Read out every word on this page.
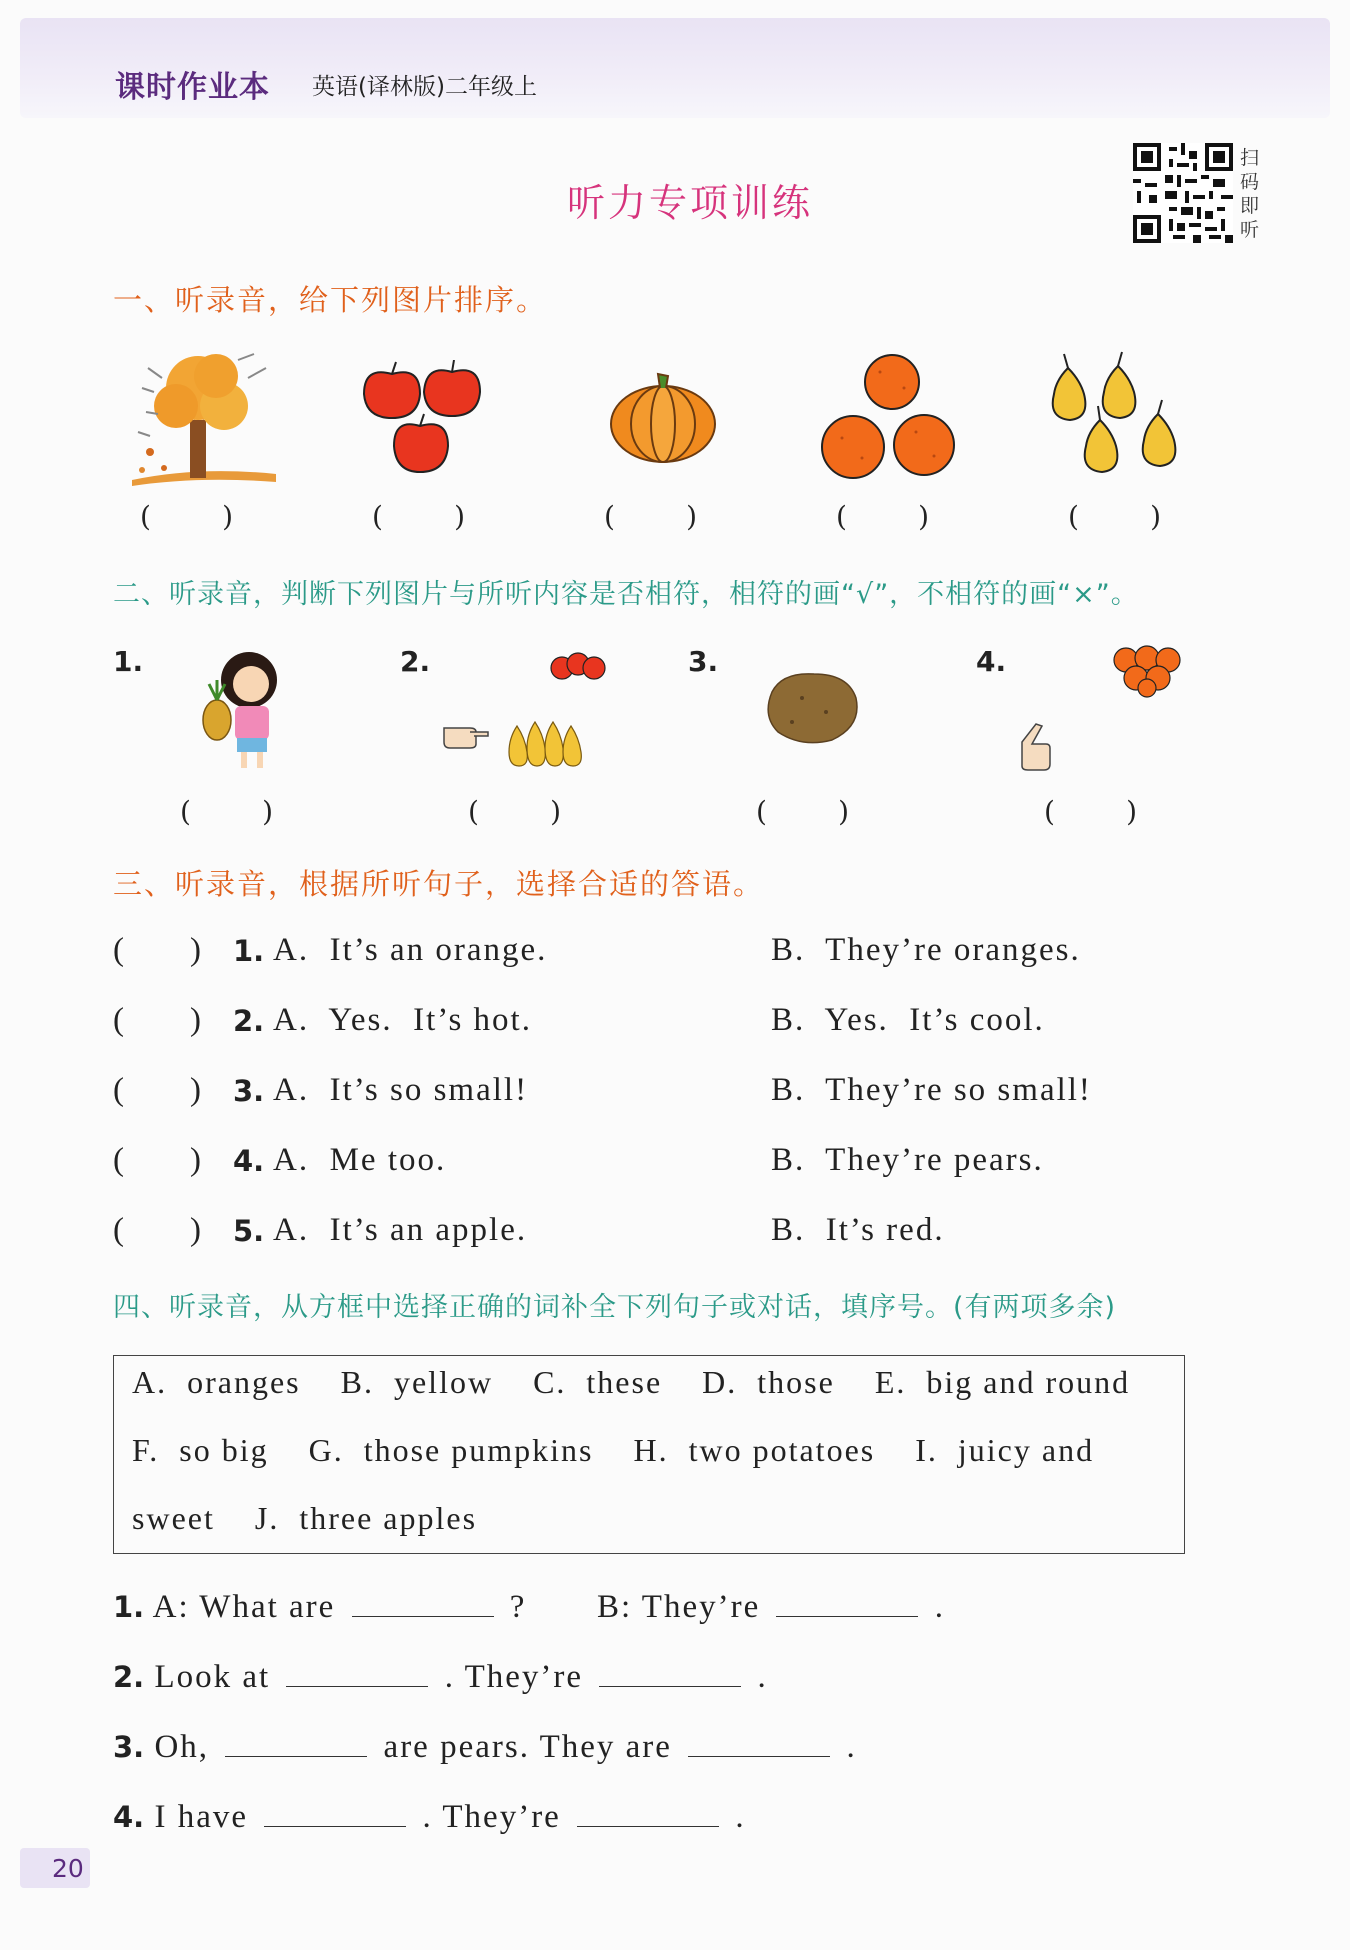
课时作业本 英语(译林版)二年级上
听力专项训练
扫
码
即
听
一、听录音，给下列图片排序。
(        )	(        )	(        )	(        )	(        )
二、听录音，判断下列图片与所听内容是否相符，相符的画“√”，不相符的画“×”。
1.	2.	3.	4.
(        )	(        )	(        )	(        )
三、听录音，根据所听句子，选择合适的答语。
(        ) 1. A.  It’s an orange.	B.  They’re oranges.
(        ) 2. A.  Yes.  It’s hot.	B.  Yes.  It’s cool.
(        ) 3. A.  It’s so small!	B.  They’re so small!
(        ) 4. A.  Me too.	B.  They’re pears.
(        ) 5. A.  It’s an apple.	B.  It’s red.
四、听录音，从方框中选择正确的词补全下列句子或对话，填序号。(有两项多余)
A.  oranges    B.  yellow    C.  these    D.  those    E.  big and round
F.  so big    G.  those pumpkins    H.  two potatoes    I.  juicy and
sweet    J.  three apples
1. A: What are	? B: They’re	.
2. Look at	. They’re	.
3. Oh,	are pears. They are	.
4. I have	. They’re	.
20
